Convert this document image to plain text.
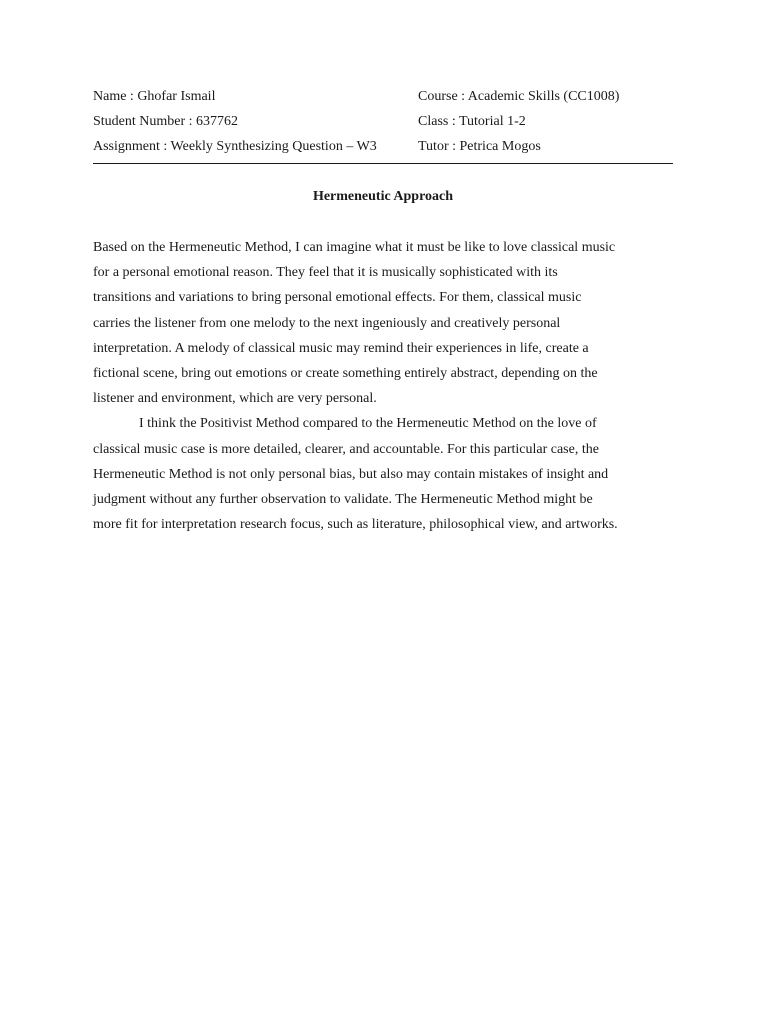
Name : Ghofar Ismail	Course : Academic Skills (CC1008)
Student Number : 637762	Class : Tutorial 1-2
Assignment : Weekly Synthesizing Question – W3	Tutor : Petrica Mogos
Hermeneutic Approach
Based on the Hermeneutic Method, I can imagine what it must be like to love classical music
for a personal emotional reason. They feel that it is musically sophisticated with its
transitions and variations to bring personal emotional effects. For them, classical music
carries the listener from one melody to the next ingeniously and creatively personal
interpretation. A melody of classical music may remind their experiences in life, create a
fictional scene, bring out emotions or create something entirely abstract, depending on the
listener and environment, which are very personal.
I think the Positivist Method compared to the Hermeneutic Method on the love of
classical music case is more detailed, clearer, and accountable. For this particular case, the
Hermeneutic Method is not only personal bias, but also may contain mistakes of insight and
judgment without any further observation to validate. The Hermeneutic Method might be
more fit for interpretation research focus, such as literature, philosophical view, and artworks.
